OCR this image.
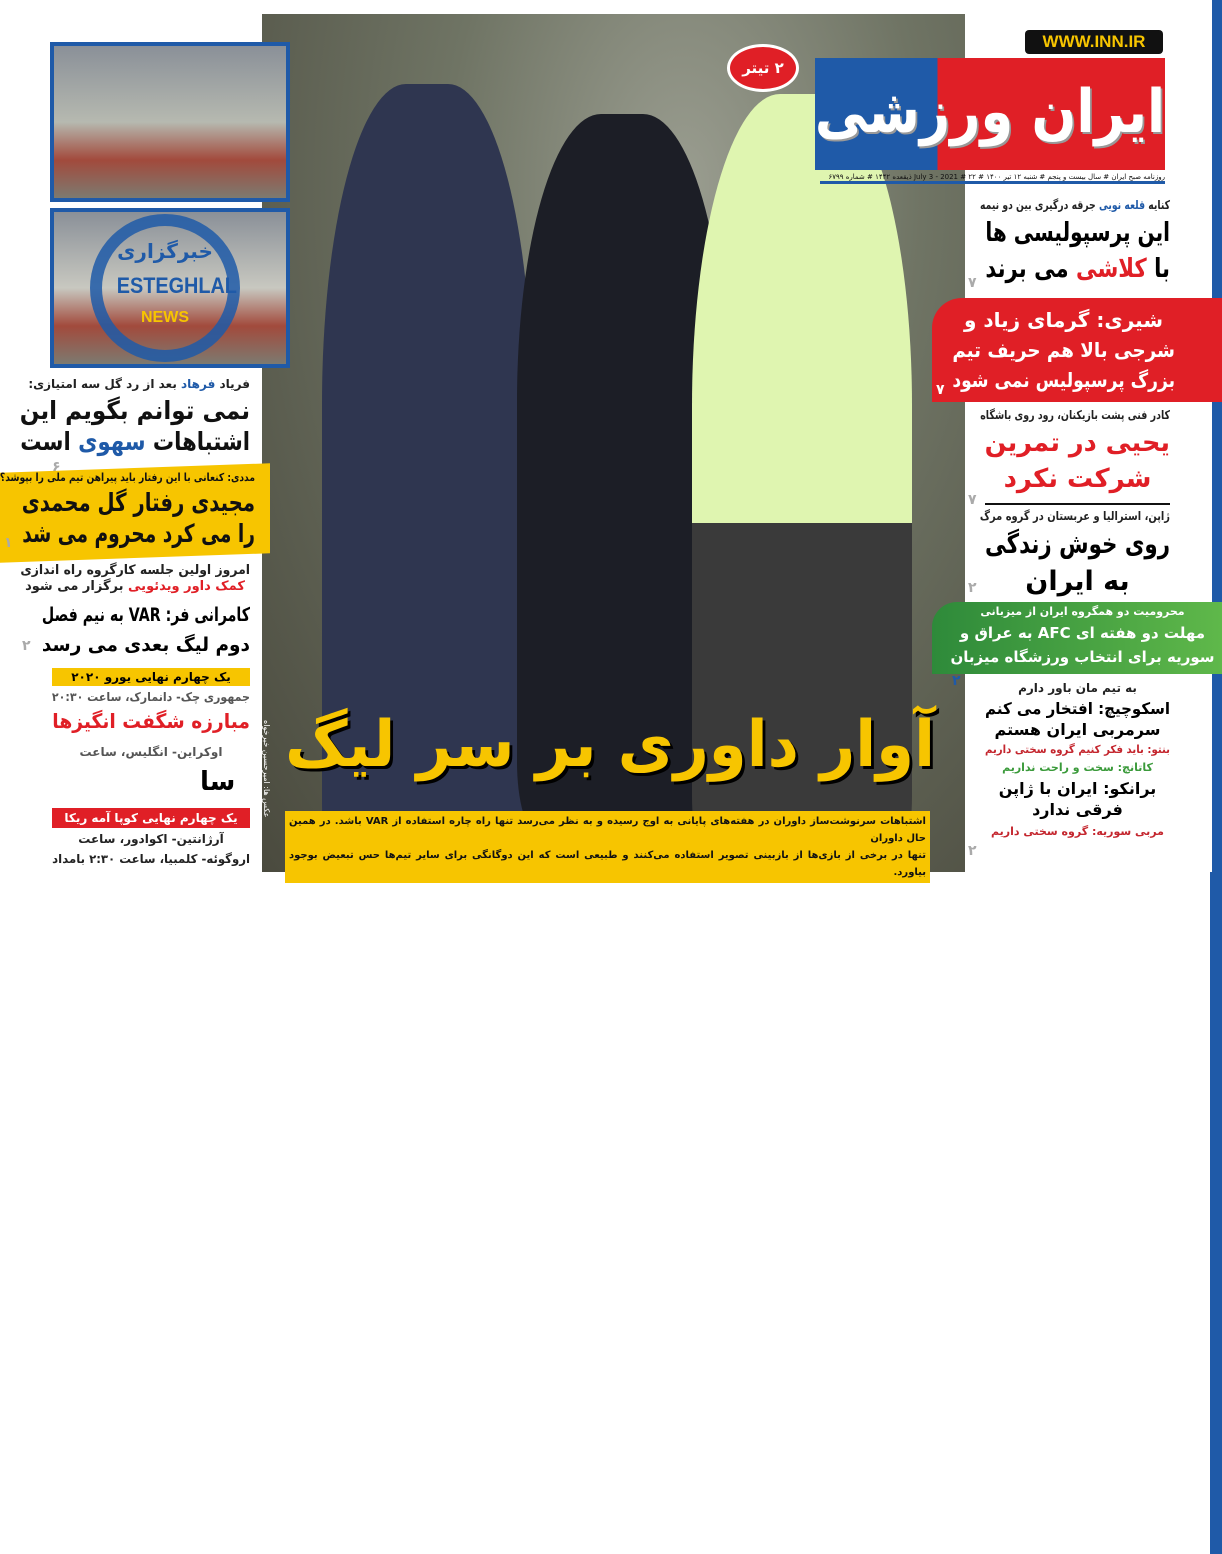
WWW.INN.IR
ایران ورزشی
۲ تیتر
روزنامه صبح ایران # سال بیست و پنجم # شنبه ۱۲ تیر ۱۴۰۰ # July 3 - 2021 # ۲۲ ذیقعده ۱۴۴۲ # شماره ۶۷۹۹
آوار داوری بر سر لیگ
اشتباهات سرنوشت‌ساز داوران در هفته‌های پایانی به اوج رسیده و به نظر می‌رسد تنها راه چاره استفاده از VAR باشد. در همین حال داوران
تنها در برخی از بازی‌ها از بازبینی تصویر استفاده می‌کنند و طبیعی است که این دوگانگی برای سایر تیم‌ها حس تبعیض بوجود بیاورد.
عکس ها: امیرحسین خیرخواه
خبرگزاری
ESTEGHLAL
NEWS
فریاد فرهاد بعد از رد گل سه امتیازی:
نمی توانم بگویم این
اشتباهات سهوی است
۶
مددی: کنعانی با این رفتار باید پیراهن تیم ملی را بپوشد؟
مجیدی رفتار گل محمدی
را می کرد محروم می شد
۱
امروز اولین جلسه کارگروه راه اندازی
کمک داور ویدئویی برگزار می شود
کامرانی فر: VAR به نیم فصل
دوم لیگ بعدی می رسد
۲
یک چهارم نهایی یورو ۲۰۲۰
جمهوری چک- دانمارک، ساعت ۲۰:۳۰
مبارزه شگفت انگیزها
اوکراین- انگلیس، ساعت
سا
یک چهارم نهایی کوپا آمه ریکا
آرژانتین- اکوادور، ساعت
اروگوئه- کلمبیا، ساعت ۲:۳۰ بامداد
کنایه قلعه نویی جرقه درگیری بین دو نیمه
این پرسپولیسی ها
با کلاشی می برند
۷
شیری: گرمای زیاد و
شرجی بالا هم حریف تیم
بزرگ پرسپولیس نمی شود
۷
کادر فنی پشت بازیکنان، رود روی باشگاه
یحیی در تمرین
شرکت نکرد
۷
ژاپن، استرالیا و عربستان در گروه مرگ
روی خوش زندگی
به ایران
۲
محرومیت دو همگروه ایران از میزبانی
مهلت دو هفته ای AFC به عراق و
سوریه برای انتخاب ورزشگاه میزبان
۲	به تیم مان باور دارم
اسکوچیچ: افتخار می کنم
سرمربی ایران هستم
بنتو: باید فکر کنیم گروه سختی داریم
کاتانچ: سخت و راحت نداریم
برانکو: ایران با ژاپن
فرقی ندارد
مربی سوریه: گروه سختی داریم
۲
